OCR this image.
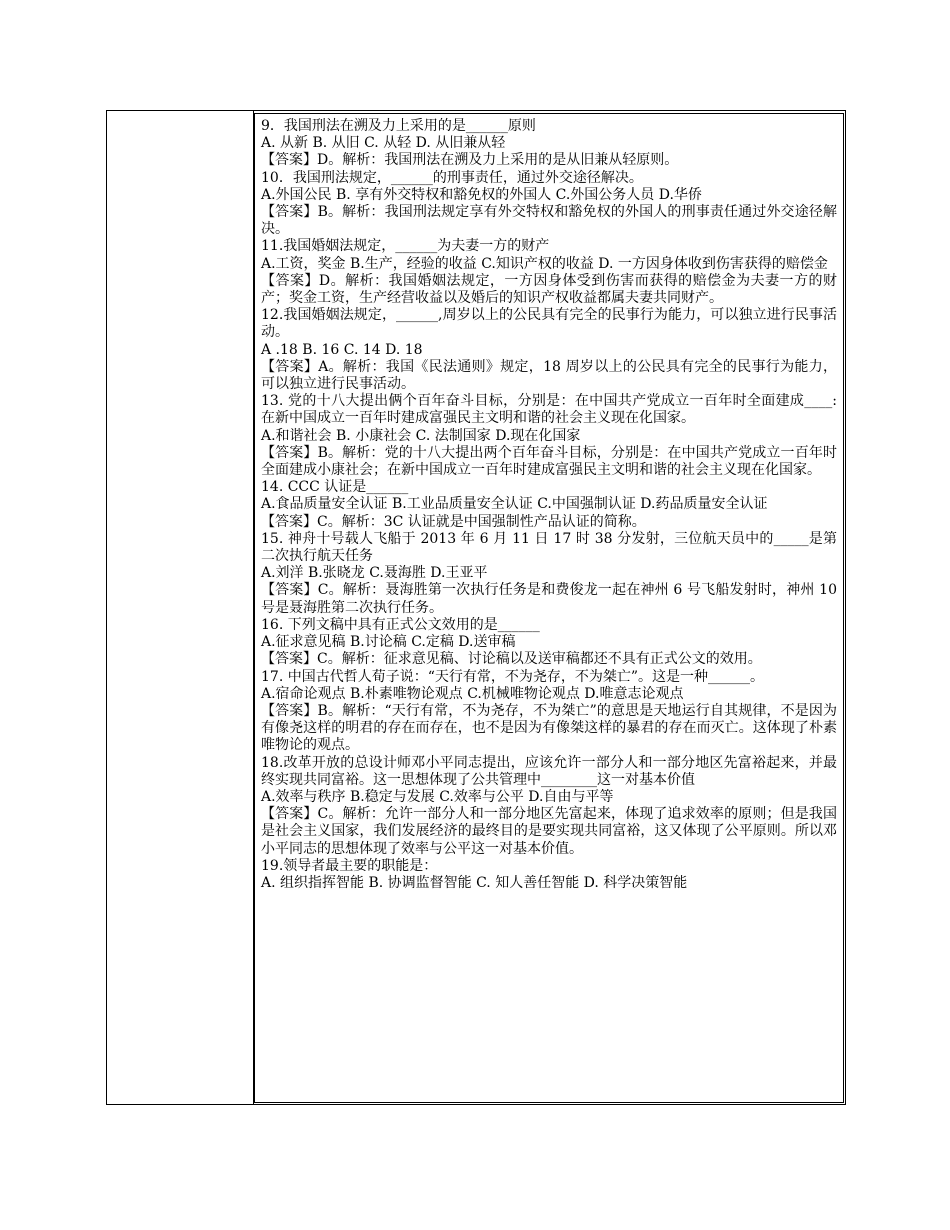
9．我国刑法在溯及力上采用的是______原则
A. 从新 B. 从旧 C. 从轻 D. 从旧兼从轻
【答案】D。解析：我国刑法在溯及力上采用的是从旧兼从轻原则。
10．我国刑法规定，______的刑事责任，通过外交途径解决。
A.外国公民 B. 享有外交特权和豁免权的外国人 C.外国公务人员 D.华侨
【答案】B。解析：我国刑法规定享有外交特权和豁免权的外国人的刑事责任通过外交途径解决。
11.我国婚姻法规定，______为夫妻一方的财产
A.工资，奖金 B.生产，经验的收益 C.知识产权的收益 D. 一方因身体收到伤害获得的赔偿金
【答案】D。解析：我国婚姻法规定，一方因身体受到伤害而获得的赔偿金为夫妻一方的财产；奖金工资，生产经营收益以及婚后的知识产权收益都属夫妻共同财产。
12.我国婚姻法规定，______,周岁以上的公民具有完全的民事行为能力，可以独立进行民事活动。
A .18 B. 16 C. 14 D. 18
【答案】A。解析：我国《民法通则》规定，18 周岁以上的公民具有完全的民事行为能力，可以独立进行民事活动。
13. 党的十八大提出俩个百年奋斗目标，分别是：在中国共产党成立一百年时全面建成____:在新中国成立一百年时建成富强民主文明和谐的社会主义现在化国家。
A.和谐社会 B. 小康社会 C. 法制国家 D.现在化国家
【答案】B。解析：党的十八大提出两个百年奋斗目标，分别是：在中国共产党成立一百年时全面建成小康社会；在新中国成立一百年时建成富强民主文明和谐的社会主义现在化国家。
14. CCC 认证是______
A.食品质量安全认证 B.工业品质量安全认证 C.中国强制认证 D.药品质量安全认证
【答案】C。解析：3C 认证就是中国强制性产品认证的简称。
15. 神舟十号载人飞船于 2013 年 6 月 11 日 17 时 38 分发射，三位航天员中的_____是第二次执行航天任务
A.刘洋 B.张晓龙 C.聂海胜 D.王亚平
【答案】C。解析：聂海胜第一次执行任务是和费俊龙一起在神州 6 号飞船发射时，神州 10 号是聂海胜第二次执行任务。
16. 下列文稿中具有正式公文效用的是______
A.征求意见稿 B.讨论稿 C.定稿 D.送审稿
【答案】C。解析：征求意见稿、讨论稿以及送审稿都还不具有正式公文的效用。
17. 中国古代哲人荀子说：“天行有常，不为尧存，不为桀亡”。这是一种______。
A.宿命论观点 B.朴素唯物论观点 C.机械唯物论观点 D.唯意志论观点
【答案】B。解析：“天行有常，不为尧存，不为桀亡”的意思是天地运行自其规律，不是因为有像尧这样的明君的存在而存在，也不是因为有像桀这样的暴君的存在而灭亡。这体现了朴素唯物论的观点。
18.改革开放的总设计师邓小平同志提出，应该允许一部分人和一部分地区先富裕起来，并最终实现共同富裕。这一思想体现了公共管理中________这一对基本价值
A.效率与秩序 B.稳定与发展 C.效率与公平 D.自由与平等
【答案】C。解析：允许一部分人和一部分地区先富起来，体现了追求效率的原则；但是我国是社会主义国家，我们发展经济的最终目的是要实现共同富裕，这又体现了公平原则。所以邓小平同志的思想体现了效率与公平这一对基本价值。
19.领导者最主要的职能是：
A. 组织指挥智能 B. 协调监督智能 C. 知人善任智能 D. 科学决策智能
